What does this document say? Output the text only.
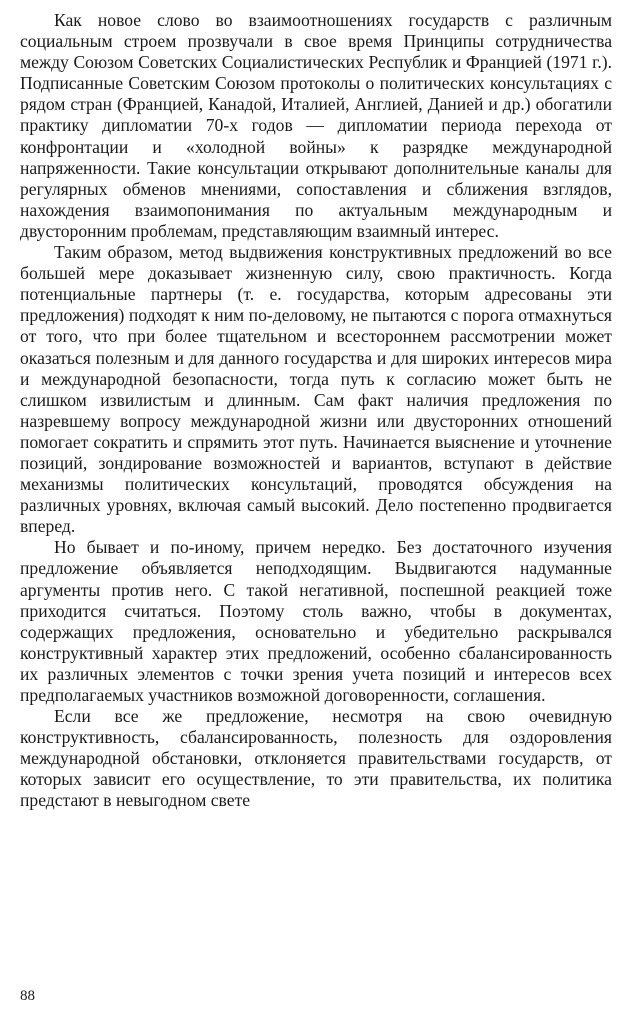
Как новое слово во взаимоотношениях государств с различным социальным строем прозвучали в свое время Принципы сотрудничества между Союзом Советских Социалистических Республик и Францией (1971 г.). Подписанные Советским Союзом протоколы о политических консультациях с рядом стран (Францией, Канадой, Италией, Англией, Данией и др.) обогатили практику дипломатии 70-х годов — дипломатии периода перехода от конфронтации и «холодной войны» к разрядке международной напряженности. Такие консультации открывают дополнительные каналы для регулярных обменов мнениями, сопоставления и сближения взглядов, нахождения взаимопонимания по актуальным международным и двусторонним проблемам, представляющим взаимный интерес.

Таким образом, метод выдвижения конструктивных предложений во все большей мере доказывает жизненную силу, свою практичность. Когда потенциальные партнеры (т. е. государства, которым адресованы эти предложения) подходят к ним по-деловому, не пытаются с порога отмахнуться от того, что при более тщательном и всестороннем рассмотрении может оказаться полезным и для данного государства и для широких интересов мира и международной безопасности, тогда путь к согласию может быть не слишком извилистым и длинным. Сам факт наличия предложения по назревшему вопросу международной жизни или двусторонних отношений помогает сократить и спрямить этот путь. Начинается выяснение и уточнение позиций, зондирование возможностей и вариантов, вступают в действие механизмы политических консультаций, проводятся обсуждения на различных уровнях, включая самый высокий. Дело постепенно продвигается вперед.

Но бывает и по-иному, причем нередко. Без достаточного изучения предложение объявляется неподходящим. Выдвигаются надуманные аргументы против него. С такой негативной, поспешной реакцией тоже приходится считаться. Поэтому столь важно, чтобы в документах, содержащих предложения, основательно и убедительно раскрывался конструктивный характер этих предложений, особенно сбалансированность их различных элементов с точки зрения учета позиций и интересов всех предполагаемых участников возможной договоренности, соглашения.

Если все же предложение, несмотря на свою очевидную конструктивность, сбалансированность, полезность для оздоровления международной обстановки, отклоняется правительствами государств, от которых зависит его осуществление, то эти правительства, их политика предстают в невыгодном свете

88
